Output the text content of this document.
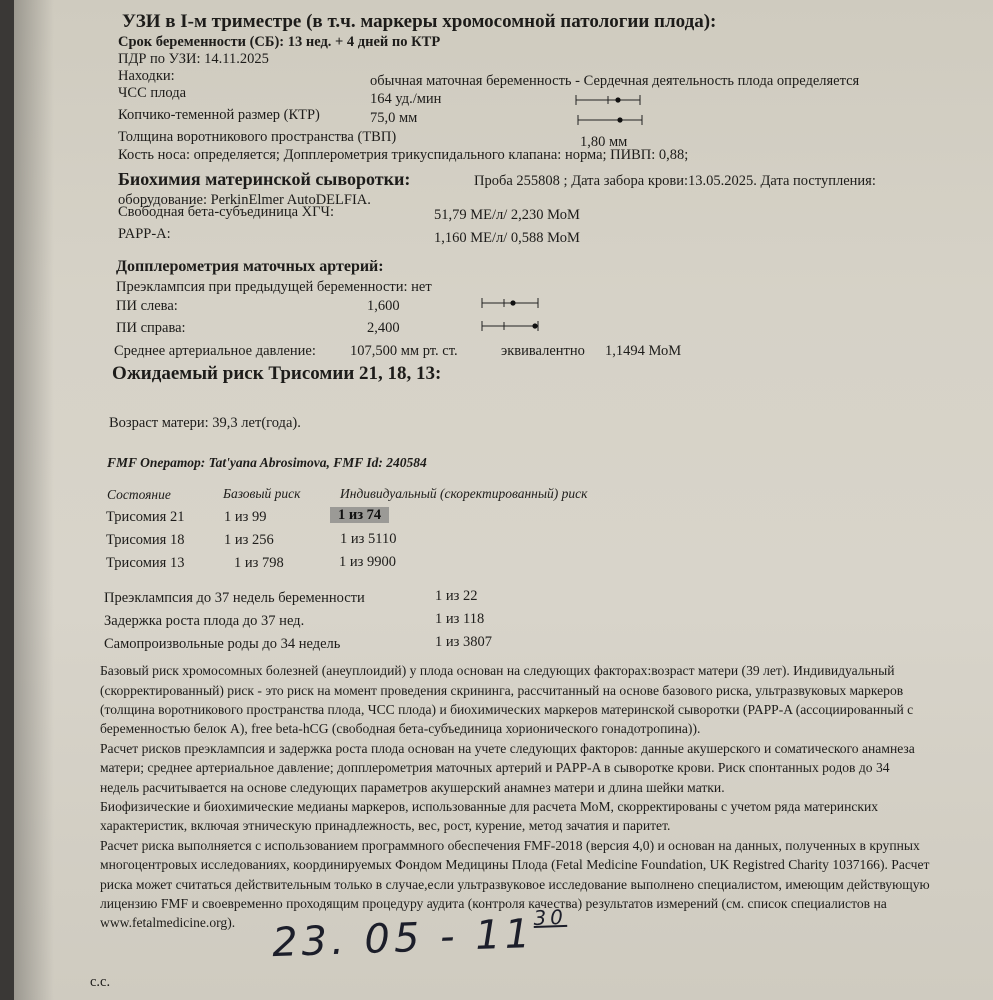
УЗИ в I-м триместре (в т.ч. маркеры хромосомной патологии плода):
Срок беременности (СБ): 13 нед. + 4 дней по КТР
ПДР по УЗИ: 14.11.2025
Находки:	обычная маточная беременность - Сердечная деятельность плода определяется
ЧСС плода	164 уд./мин
Копчико-теменной размер (КТР)	75,0 мм
Толщина воротникового пространства (ТВП)	1,80 мм
Кость носа: определяется; Допплерометрия трикуспидального клапана: норма; ПИВП: 0,88;
Биохимия материнской сыворотки:	Проба 255808 ; Дата забора крови:13.05.2025. Дата поступления:
оборудование: PerkinElmer AutoDELFIA.
Свободная бета-субъединица ХГЧ:	51,79 МЕ/л/ 2,230 МоМ
PAPP-A:	1,160 МЕ/л/ 0,588 МоМ
Допплерометрия маточных артерий:
Преэклампсия при предыдущей беременности: нет
ПИ слева:	1,600
ПИ справа:	2,400
Среднее артериальное давление: 107,500 мм рт. ст.	эквивалентно 1,1494 МоМ
Ожидаемый риск Трисомии 21, 18, 13:
Возраст матери: 39,3 лет(года).
FMF Оператор: Tat'yana Abrosimova, FMF Id: 240584
Состояние	Базовый риск	Индивидуальный (скоректированный) риск
Трисомия 21	1 из 99	1 из 74
Трисомия 18	1 из 256	1 из 5110
Трисомия 13	1 из 798	1 из 9900
Преэклампсия до 37 недель беременности	1 из 22
Задержка роста плода до 37 нед.	1 из 118
Самопроизвольные роды до 34 недель	1 из 3807
Базовый риск хромосомных болезней (анеуплоидий) у плода основан на следующих факторах:возраст матери (39 лет). Индивидуальный
(скорректированный) риск - это риск на момент проведения скрининга, рассчитанный на основе базового риска, ультразвуковых маркеров
(толщина воротникового пространства плода, ЧСС плода) и биохимических маркеров материнской сыворотки (PAPP-A (ассоциированный с
беременностью белок А), free beta-hCG (свободная бета-субъединица хорионического гонадотропина)).
Расчет рисков преэклампсия и задержка роста плода основан на учете следующих факторов: данные акушерского и соматического анамнеза
матери; среднее артериальное давление; допплерометрия маточных артерий и PAPP-A в сыворотке крови. Риск спонтанных родов до 34
недель расчитывается на основе следующих параметров акушерский анамнез матери и длина шейки матки.
Биофизические и биохимические медианы маркеров, использованные для расчета МоМ, скорректированы с учетом ряда материнских
характеристик, включая этническую принадлежность, вес, рост, курение, метод зачатия и паритет.
Расчет риска выполняется с использованием программного обеспечения FMF-2018 (версия 4,0) и основан на данных, полученных в крупных
многоцентровых исследованиях, координируемых Фондом Медицины Плода (Fetal Medicine Foundation, UK Registred Charity 1037166). Расчет
риска может считаться действительным только в случае,если ультразвуковое исследование выполнено специалистом, имеющим действующую
лицензию FMF и своевременно проходящим процедуру аудита (контроля качества) результатов измерений (см. список специалистов на
www.fetalmedicine.org). 23. $05 - 11^{30}$
с.с.
